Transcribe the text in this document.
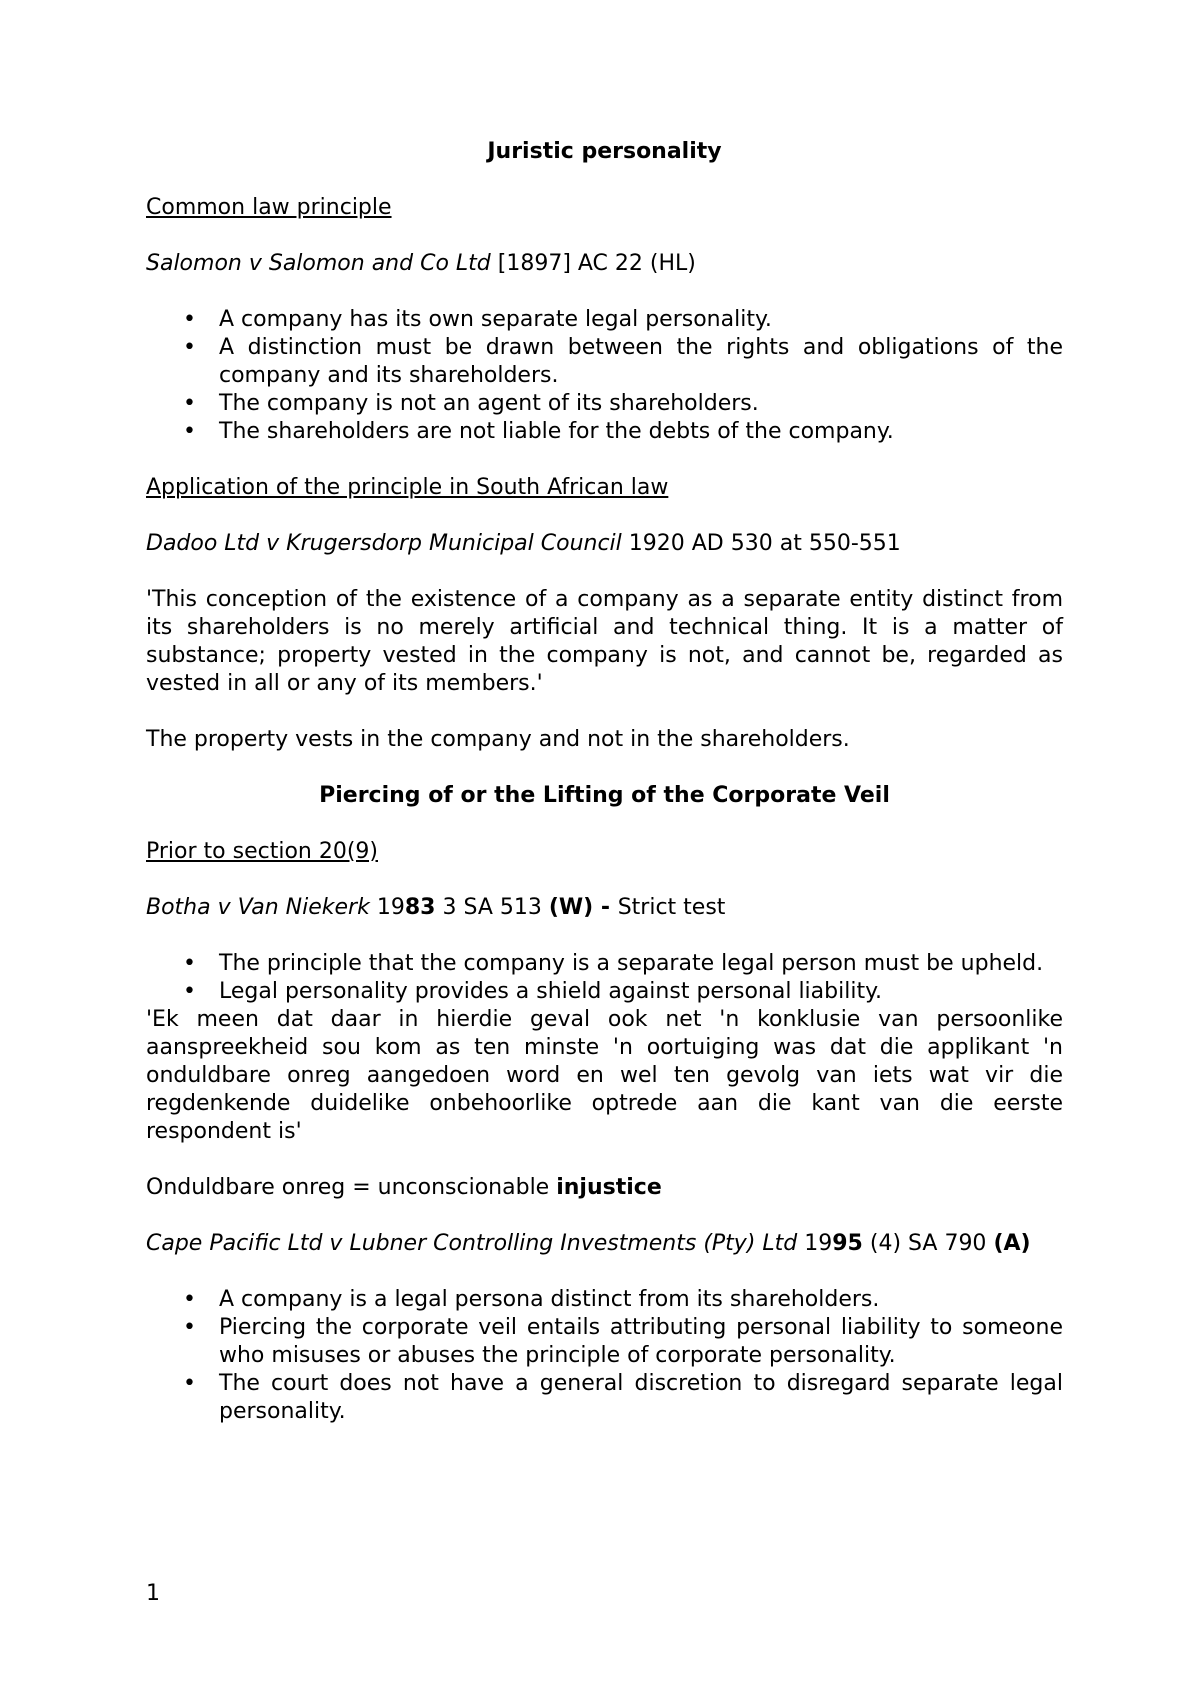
Juristic personality

Common law principle

Salomon v Salomon and Co Ltd [1897] AC 22 (HL)

• A company has its own separate legal personality.
• A distinction must be drawn between the rights and obligations of the company and its shareholders.
• The company is not an agent of its shareholders.
• The shareholders are not liable for the debts of the company.

Application of the principle in South African law

Dadoo Ltd v Krugersdorp Municipal Council 1920 AD 530 at 550-551

'This conception of the existence of a company as a separate entity distinct from its shareholders is no merely artificial and technical thing. It is a matter of substance; property vested in the company is not, and cannot be, regarded as vested in all or any of its members.'

The property vests in the company and not in the shareholders.

Piercing of or the Lifting of the Corporate Veil

Prior to section 20(9)

Botha v Van Niekerk 1983 3 SA 513 (W) - Strict test

• The principle that the company is a separate legal person must be upheld.
• Legal personality provides a shield against personal liability.

'Ek meen dat daar in hierdie geval ook net 'n konklusie van persoonlike aanspreekheid sou kom as ten minste 'n oortuiging was dat die applikant 'n onduldbare onreg aangedoen word en wel ten gevolg van iets wat vir die regdenkende duidelike onbehoorlike optrede aan die kant van die eerste respondent is'

Onduldbare onreg = unconscionable injustice

Cape Pacific Ltd v Lubner Controlling Investments (Pty) Ltd 1995 (4) SA 790 (A)

• A company is a legal persona distinct from its shareholders.
• Piercing the corporate veil entails attributing personal liability to someone who misuses or abuses the principle of corporate personality.
• The court does not have a general discretion to disregard separate legal personality.
1
